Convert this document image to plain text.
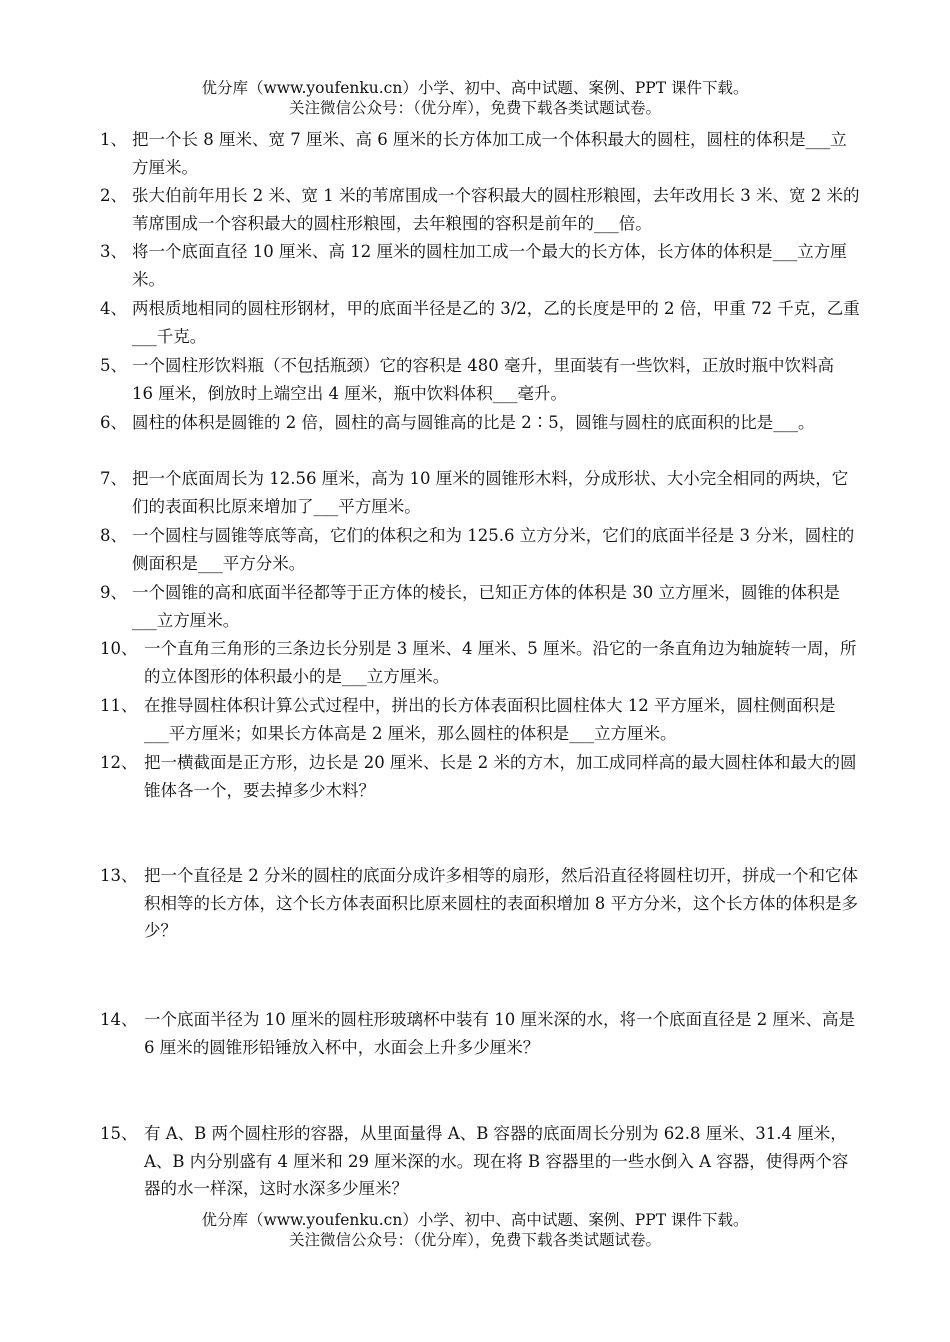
优分库（www.youfenku.cn）小学、初中、高中试题、案例、PPT 课件下载。
关注微信公众号：（优分库），免费下载各类试题试卷。
1、 把一个长 8 厘米、宽 7 厘米、高 6 厘米的长方体加工成一个体积最大的圆柱，圆柱的体积是___立方厘米。
2、 张大伯前年用长 2 米、宽 1 米的苇席围成一个容积最大的圆柱形粮囤，去年改用长 3 米、宽 2 米的苇席围成一个容积最大的圆柱形粮囤，去年粮囤的容积是前年的___倍。
3、 将一个底面直径 10 厘米、高 12 厘米的圆柱加工成一个最大的长方体，长方体的体积是___立方厘米。
4、 两根质地相同的圆柱形钢材，甲的底面半径是乙的 3/2，乙的长度是甲的 2 倍，甲重 72 千克，乙重___千克。
5、 一个圆柱形饮料瓶（不包括瓶颈）它的容积是 480 毫升，里面装有一些饮料，正放时瓶中饮料高 16 厘米，倒放时上端空出 4 厘米，瓶中饮料体积___毫升。
6、 圆柱的体积是圆锥的 2 倍，圆柱的高与圆锥高的比是 2∶5，圆锥与圆柱的底面积的比是___。
7、 把一个底面周长为 12.56 厘米，高为 10 厘米的圆锥形木料，分成形状、大小完全相同的两块，它们的表面积比原来增加了___平方厘米。
8、 一个圆柱与圆锥等底等高，它们的体积之和为 125.6 立方分米，它们的底面半径是 3 分米，圆柱的侧面积是___平方分米。
9、 一个圆锥的高和底面半径都等于正方体的棱长，已知正方体的体积是 30 立方厘米，圆锥的体积是___立方厘米。
10、 一个直角三角形的三条边长分别是 3 厘米、4 厘米、5 厘米。沿它的一条直角边为轴旋转一周，所的立体图形的体积最小的是___立方厘米。
11、 在推导圆柱体积计算公式过程中，拼出的长方体表面积比圆柱体大 12 平方厘米，圆柱侧面积是___平方厘米；如果长方体高是 2 厘米，那么圆柱的体积是___立方厘米。
12、 把一横截面是正方形，边长是 20 厘米、长是 2 米的方木，加工成同样高的最大圆柱体和最大的圆锥体各一个，要去掉多少木料？
13、 把一个直径是 2 分米的圆柱的底面分成许多相等的扇形，然后沿直径将圆柱切开，拼成一个和它体积相等的长方体，这个长方体表面积比原来圆柱的表面积增加 8 平方分米，这个长方体的体积是多少？
14、 一个底面半径为 10 厘米的圆柱形玻璃杯中装有 10 厘米深的水，将一个底面直径是 2 厘米、高是 6 厘米的圆锥形铅锤放入杯中，水面会上升多少厘米？
15、 有 A、B 两个圆柱形的容器，从里面量得 A、B 容器的底面周长分别为 62.8 厘米、31.4 厘米，A、B 内分别盛有 4 厘米和 29 厘米深的水。现在将 B 容器里的一些水倒入 A 容器，使得两个容器的水一样深，这时水深多少厘米？
优分库（www.youfenku.cn）小学、初中、高中试题、案例、PPT 课件下载。
关注微信公众号：（优分库），免费下载各类试题试卷。
